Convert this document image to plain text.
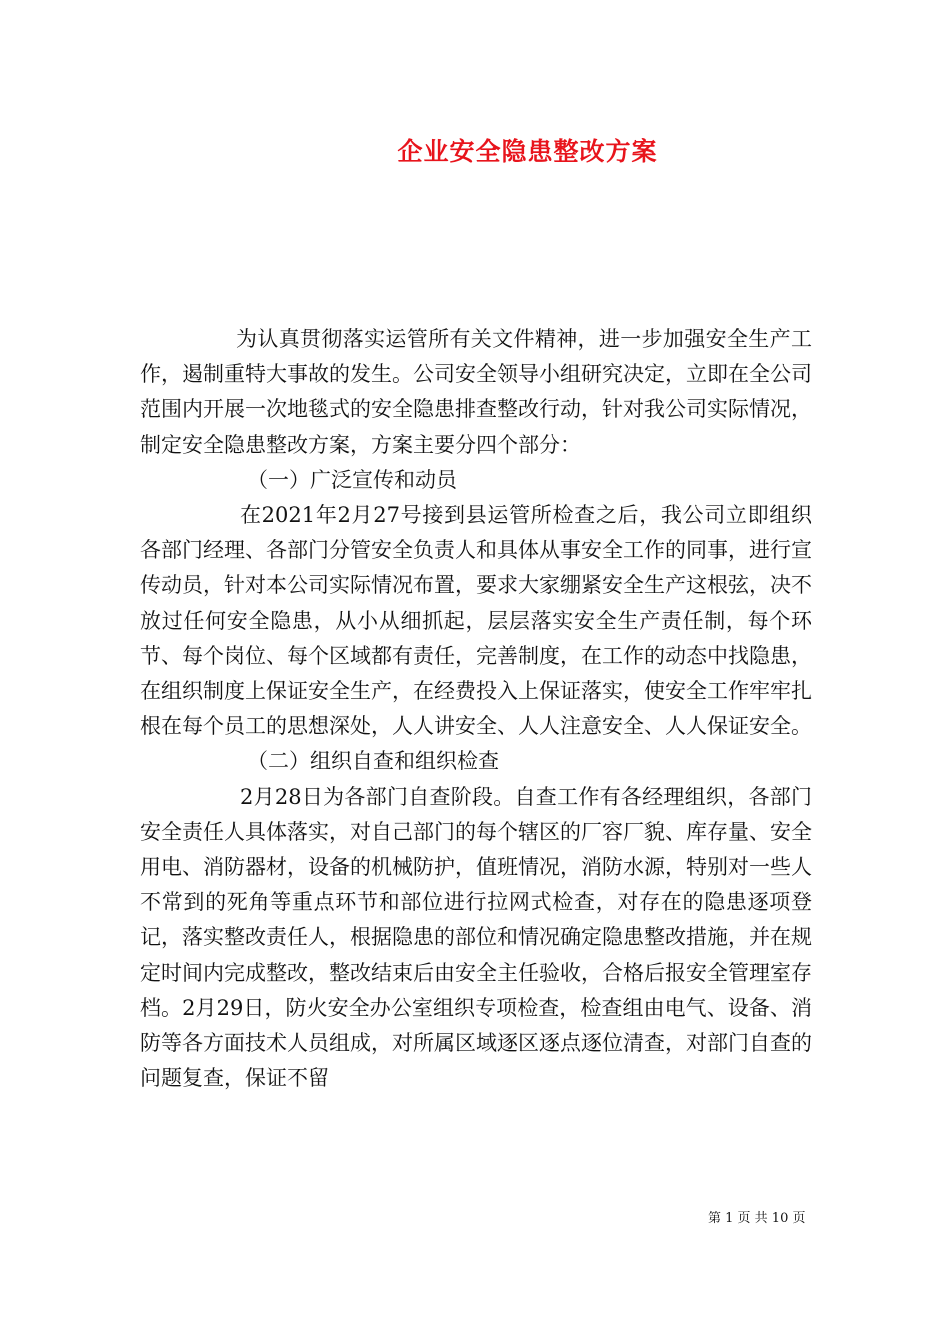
企业安全隐患整改方案

为认真贯彻落实运管所有关文件精神，进一步加强安全生产工作，遏制重特大事故的发生。公司安全领导小组研究决定，立即在全公司范围内开展一次地毯式的安全隐患排查整改行动，针对我公司实际情况，制定安全隐患整改方案，方案主要分四个部分：

（一）广泛宣传和动员

在2021年2月27号接到县运管所检查之后，我公司立即组织各部门经理、各部门分管安全负责人和具体从事安全工作的同事，进行宣传动员，针对本公司实际情况布置，要求大家绷紧安全生产这根弦，决不放过任何安全隐患，从小从细抓起，层层落实安全生产责任制，每个环节、每个岗位、每个区域都有责任，完善制度，在工作的动态中找隐患，在组织制度上保证安全生产，在经费投入上保证落实，使安全工作牢牢扎根在每个员工的思想深处，人人讲安全、人人注意安全、人人保证安全。

（二）组织自查和组织检查

2月28日为各部门自查阶段。自查工作有各经理组织，各部门安全责任人具体落实，对自己部门的每个辖区的厂容厂貌、库存量、安全用电、消防器材，设备的机械防护，值班情况，消防水源，特别对一些人不常到的死角等重点环节和部位进行拉网式检查，对存在的隐患逐项登记，落实整改责任人，根据隐患的部位和情况确定隐患整改措施，并在规定时间内完成整改，整改结束后由安全主任验收，合格后报安全管理室存档。2月29日，防火安全办公室组织专项检查，检查组由电气、设备、消防等各方面技术人员组成，对所属区域逐区逐点逐位清查，对部门自查的问题复查，保证不留

第 1 页 共 10 页
